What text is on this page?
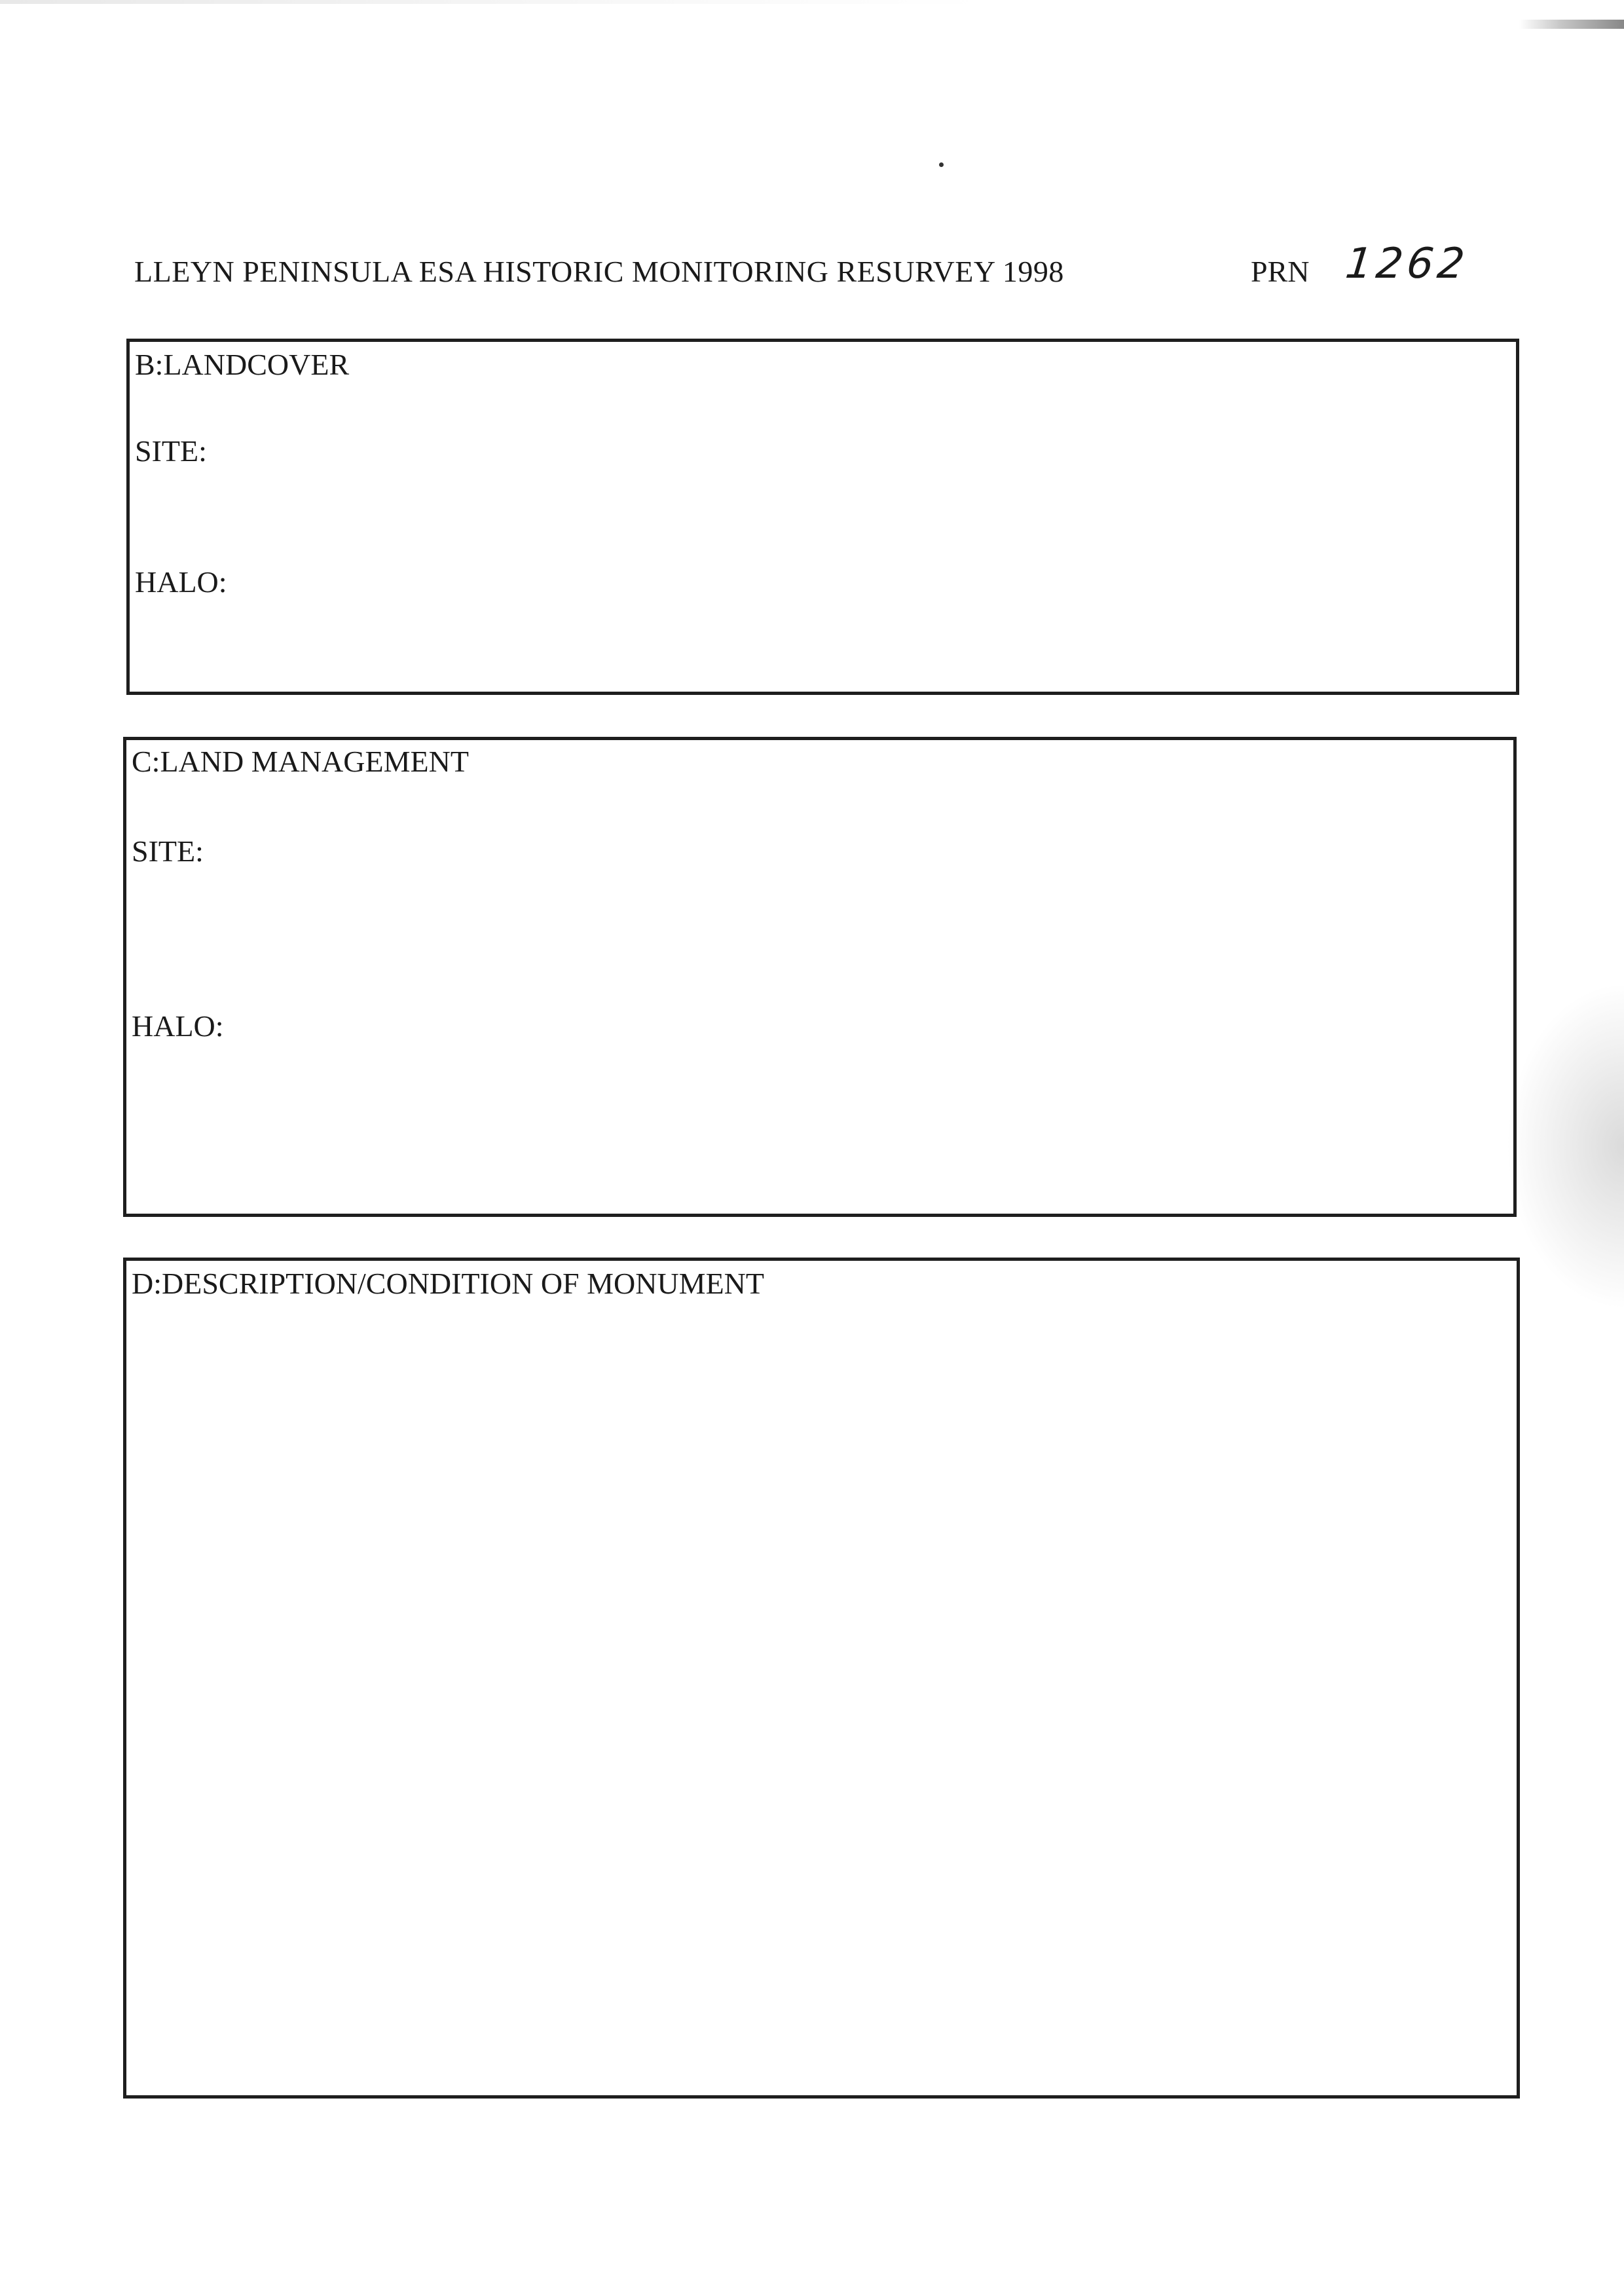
LLEYN PENINSULA ESA HISTORIC MONITORING RESURVEY 1998	PRN 1262
B:LANDCOVER
SITE:
HALO:
C:LAND MANAGEMENT
SITE:
HALO:
D:DESCRIPTION/CONDITION OF MONUMENT
